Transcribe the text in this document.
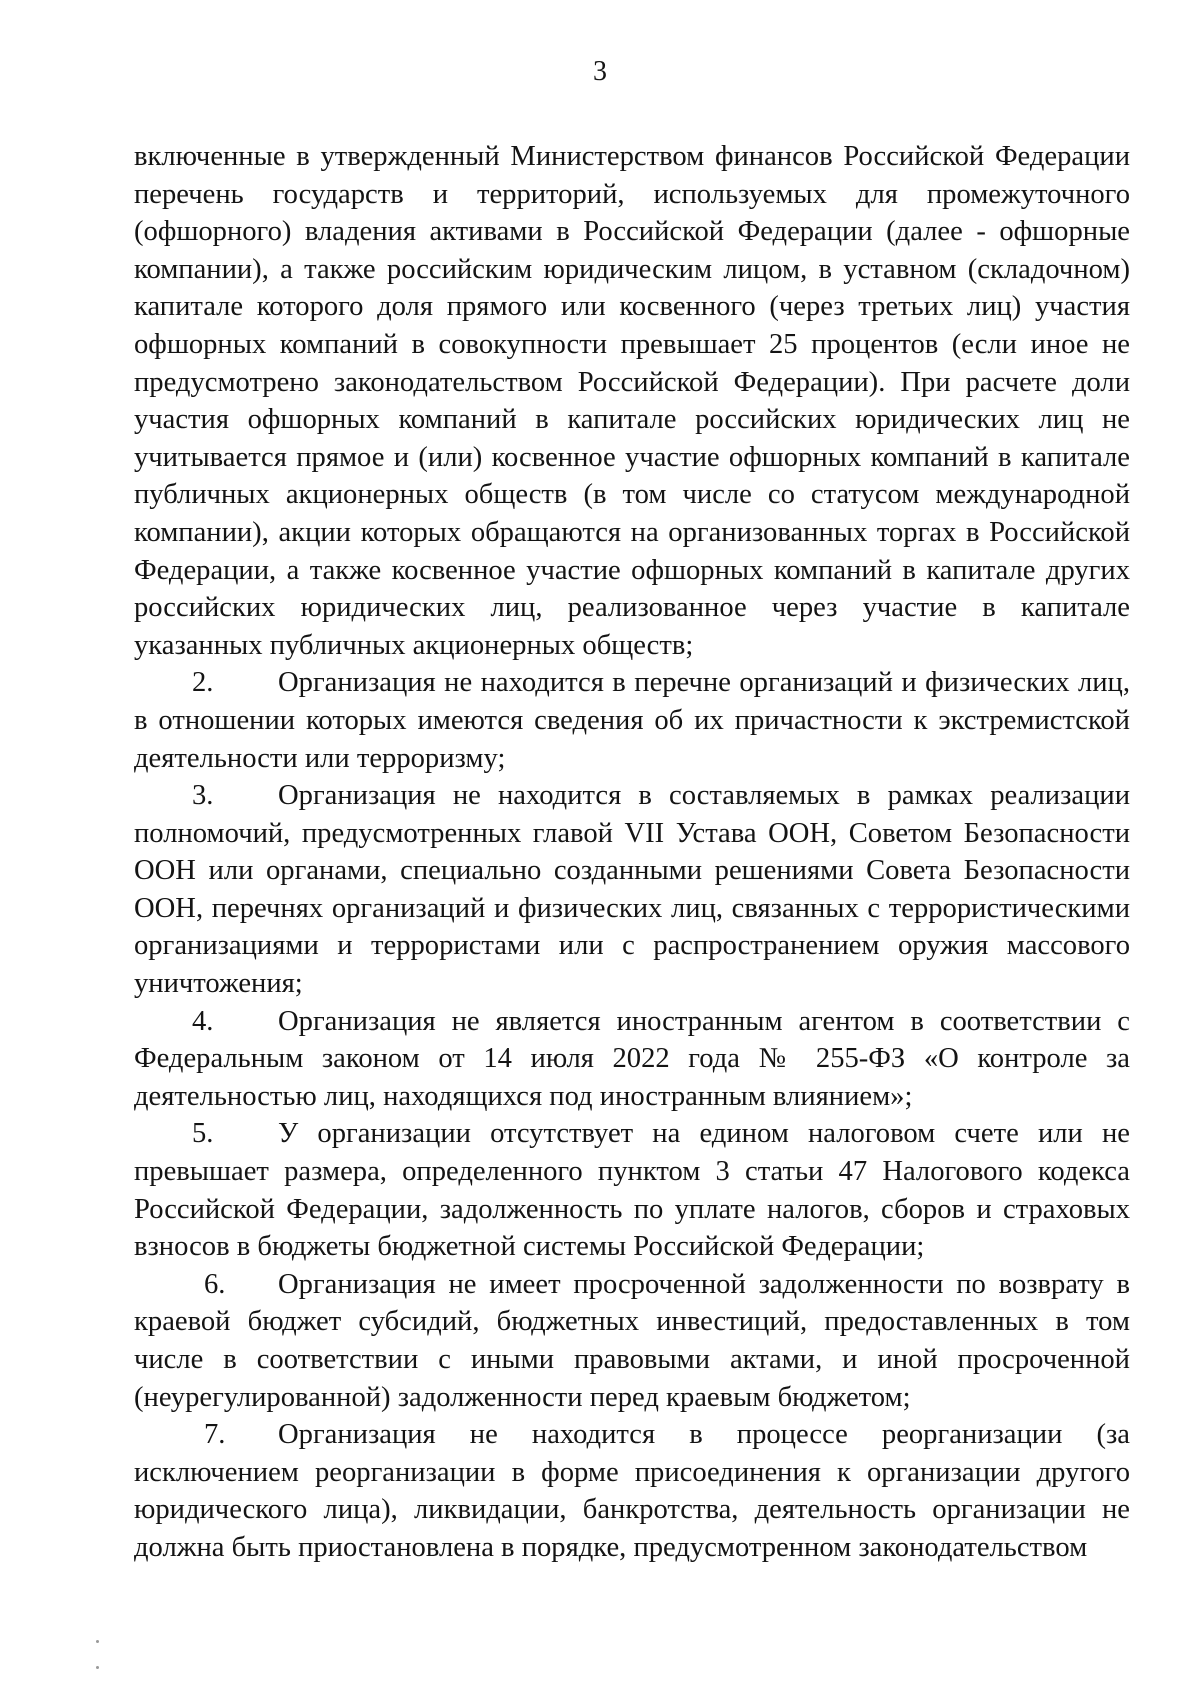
3

включенные в утвержденный Министерством финансов Российской Федерации перечень государств и территорий, используемых для промежуточного (офшорного) владения активами в Российской Федерации (далее - офшорные компании), а также российским юридическим лицом, в уставном (складочном) капитале которого доля прямого или косвенного (через третьих лиц) участия офшорных компаний в совокупности превышает 25 процентов (если иное не предусмотрено законодательством Российской Федерации). При расчете доли участия офшорных компаний в капитале российских юридических лиц не учитывается прямое и (или) косвенное участие офшорных компаний в капитале публичных акционерных обществ (в том числе со статусом международной компании), акции которых обращаются на организованных торгах в Российской Федерации, а также косвенное участие офшорных компаний в капитале других российских юридических лиц, реализованное через участие в капитале указанных публичных акционерных обществ;

2. Организация не находится в перечне организаций и физических лиц, в отношении которых имеются сведения об их причастности к экстремистской деятельности или терроризму;

3. Организация не находится в составляемых в рамках реализации полномочий, предусмотренных главой VII Устава ООН, Советом Безопасности ООН или органами, специально созданными решениями Совета Безопасности ООН, перечнях организаций и физических лиц, связанных с террористическими организациями и террористами или с распространением оружия массового уничтожения;

4. Организация не является иностранным агентом в соответствии с Федеральным законом от 14 июля 2022 года № 255-ФЗ «О контроле за деятельностью лиц, находящихся под иностранным влиянием»;

5. У организации отсутствует на едином налоговом счете или не превышает размера, определенного пунктом 3 статьи 47 Налогового кодекса Российской Федерации, задолженность по уплате налогов, сборов и страховых взносов в бюджеты бюджетной системы Российской Федерации;

6. Организация не имеет просроченной задолженности по возврату в краевой бюджет субсидий, бюджетных инвестиций, предоставленных в том числе в соответствии с иными правовыми актами, и иной просроченной (неурегулированной) задолженности перед краевым бюджетом;

7. Организация не находится в процессе реорганизации (за исключением реорганизации в форме присоединения к организации другого юридического лица), ликвидации, банкротства, деятельность организации не должна быть приостановлена в порядке, предусмотренном законодательством
